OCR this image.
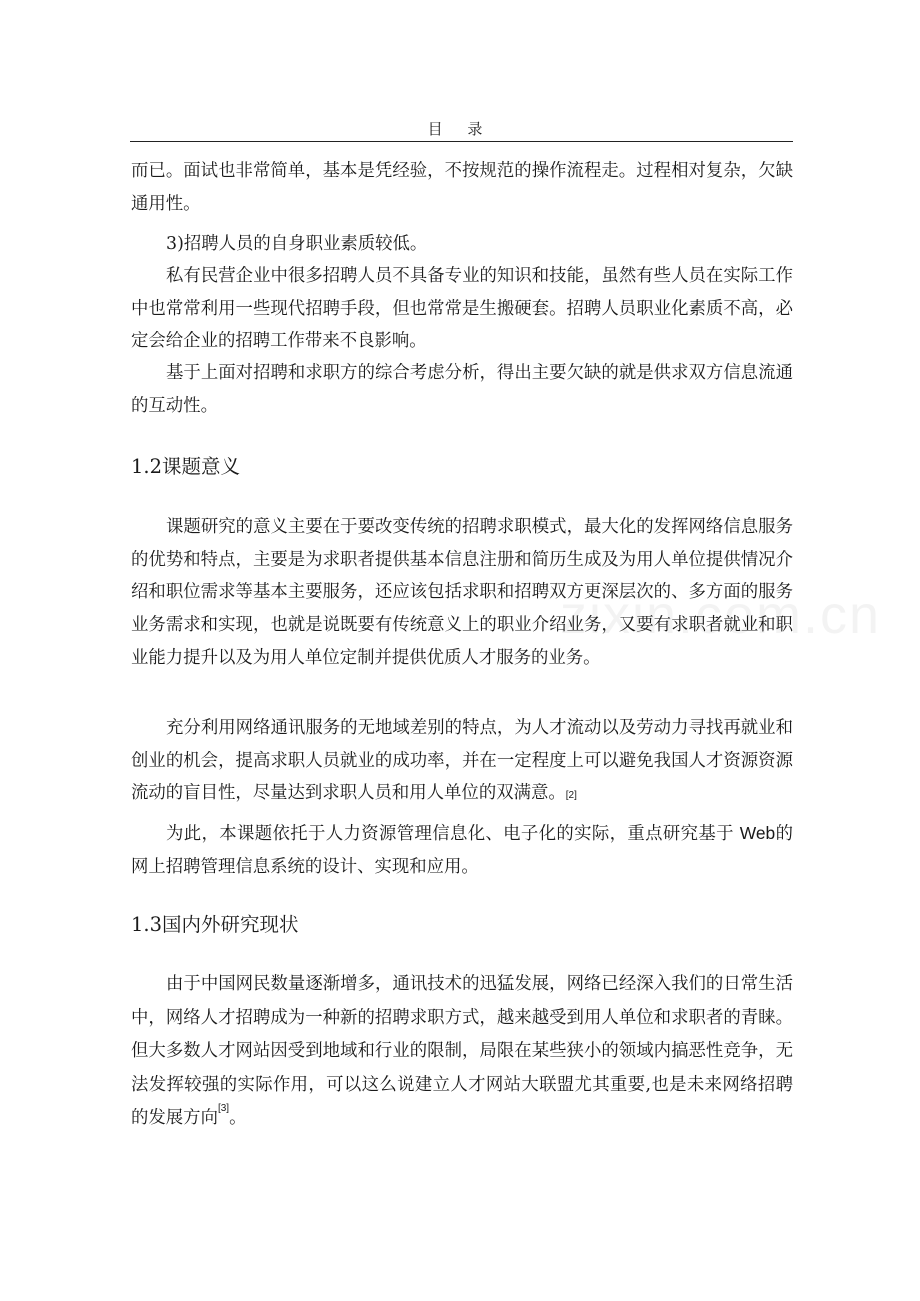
目 录

而已。面试也非常简单，基本是凭经验，不按规范的操作流程走。过程相对复杂，欠缺通用性。

3)招聘人员的自身职业素质较低。

私有民营企业中很多招聘人员不具备专业的知识和技能，虽然有些人员在实际工作中也常常利用一些现代招聘手段，但也常常是生搬硬套。招聘人员职业化素质不高，必定会给企业的招聘工作带来不良影响。

基于上面对招聘和求职方的综合考虑分析，得出主要欠缺的就是供求双方信息流通的互动性。

1.2课题意义

课题研究的意义主要在于要改变传统的招聘求职模式，最大化的发挥网络信息服务的优势和特点，主要是为求职者提供基本信息注册和简历生成及为用人单位提供情况介绍和职位需求等基本主要服务，还应该包括求职和招聘双方更深层次的、多方面的服务业务需求和实现，也就是说既要有传统意义上的职业介绍业务，又要有求职者就业和职业能力提升以及为用人单位定制并提供优质人才服务的业务。

充分利用网络通讯服务的无地域差别的特点，为人才流动以及劳动力寻找再就业和创业的机会，提高求职人员就业的成功率，并在一定程度上可以避免我国人才资源资源流动的盲目性，尽量达到求职人员和用人单位的双满意。[2]

为此，本课题依托于人力资源管理信息化、电子化的实际，重点研究基于 Web的网上招聘管理信息系统的设计、实现和应用。

1.3国内外研究现状

由于中国网民数量逐渐增多，通讯技术的迅猛发展，网络已经深入我们的日常生活中，网络人才招聘成为一种新的招聘求职方式，越来越受到用人单位和求职者的青睐。但大多数人才网站因受到地域和行业的限制，局限在某些狭小的领域内搞恶性竞争，无法发挥较强的实际作用，可以这么说建立人才网站大联盟尤其重要,也是未来网络招聘的发展方向[3]。
